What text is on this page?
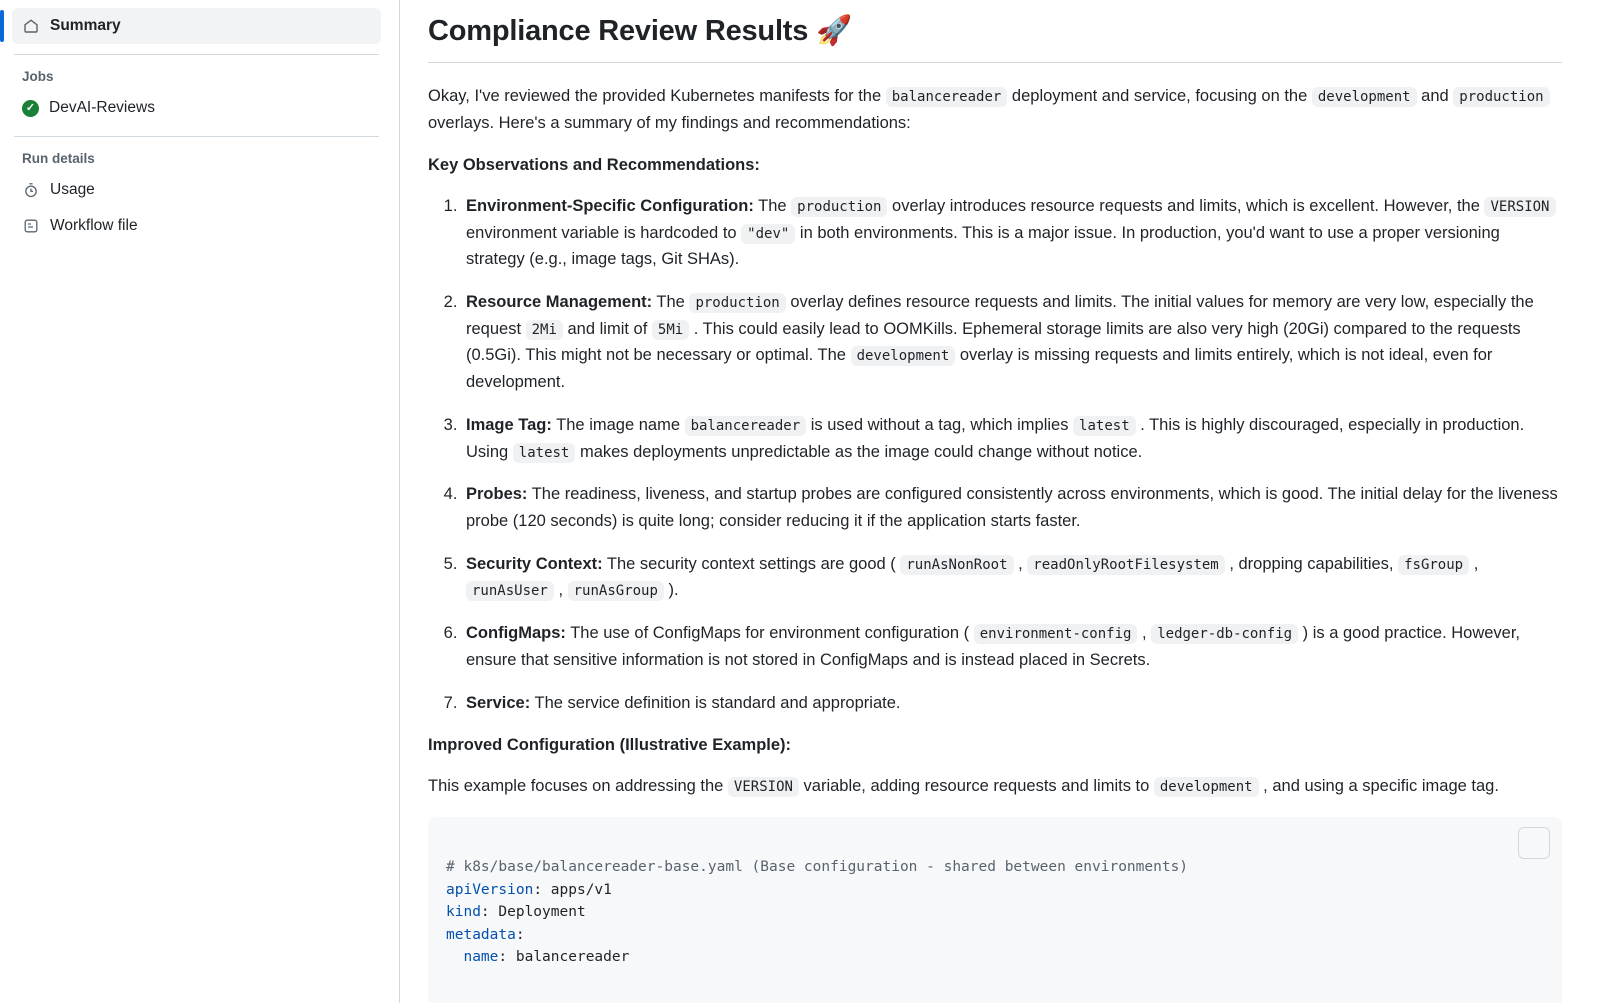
Summary
Jobs
✓ DevAI-Reviews
Run details
Usage
Workflow file
Compliance Review Results 🚀

Okay, I've reviewed the provided Kubernetes manifests for the balancereader deployment and service, focusing on the development and production overlays. Here's a summary of my findings and recommendations:

Key Observations and Recommendations:

1. Environment-Specific Configuration: The production overlay introduces resource requests and limits, which is excellent. However, the VERSION environment variable is hardcoded to "dev" in both environments. This is a major issue. In production, you'd want to use a proper versioning strategy (e.g., image tags, Git SHAs).
2. Resource Management: The production overlay defines resource requests and limits. The initial values for memory are very low, especially the request 2Mi and limit of 5Mi . This could easily lead to OOMKills. Ephemeral storage limits are also very high (20Gi) compared to the requests (0.5Gi). This might not be necessary or optimal. The development overlay is missing requests and limits entirely, which is not ideal, even for development.
3. Image Tag: The image name balancereader is used without a tag, which implies latest . This is highly discouraged, especially in production. Using latest makes deployments unpredictable as the image could change without notice.
4. Probes: The readiness, liveness, and startup probes are configured consistently across environments, which is good. The initial delay for the liveness probe (120 seconds) is quite long; consider reducing it if the application starts faster.
5. Security Context: The security context settings are good ( runAsNonRoot , readOnlyRootFilesystem , dropping capabilities, fsGroup , runAsUser , runAsGroup ).
6. ConfigMaps: The use of ConfigMaps for environment configuration ( environment-config , ledger-db-config ) is a good practice. However, ensure that sensitive information is not stored in ConfigMaps and is instead placed in Secrets.
7. Service: The service definition is standard and appropriate.

Improved Configuration (Illustrative Example):

This example focuses on addressing the VERSION variable, adding resource requests and limits to development , and using a specific image tag.

# k8s/base/balancereader-base.yaml (Base configuration - shared between environments)
apiVersion: apps/v1
kind: Deployment
metadata:
name: balancereader
